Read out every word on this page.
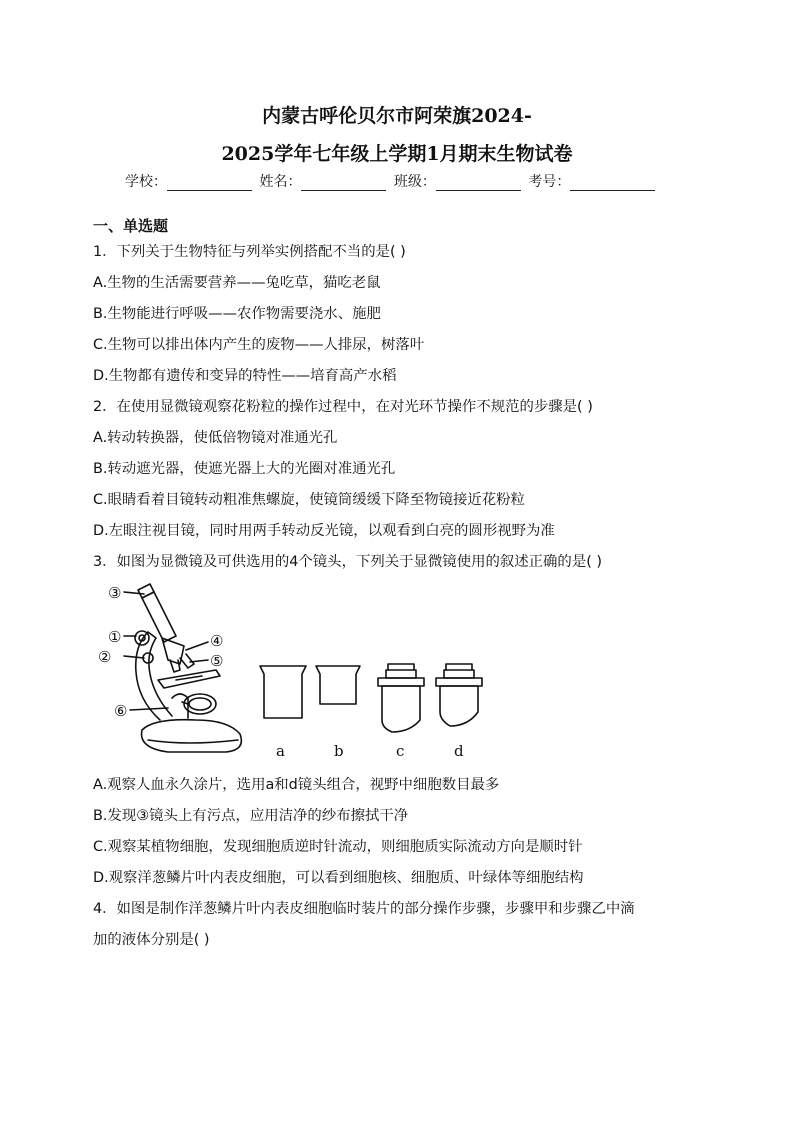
内蒙古呼伦贝尔市阿荣旗2024-
2025学年七年级上学期1月期末生物试卷
学校：	姓名：	班级：	考号：
一、单选题
1．下列关于生物特征与列举实例搭配不当的是( )
A.生物的生活需要营养——兔吃草，猫吃老鼠
B.生物能进行呼吸——农作物需要浇水、施肥
C.生物可以排出体内产生的废物——人排尿，树落叶
D.生物都有遗传和变异的特性——培育高产水稻
2．在使用显微镜观察花粉粒的操作过程中，在对光环节操作不规范的步骤是( )
A.转动转换器，使低倍物镜对准通光孔
B.转动遮光器，使遮光器上大的光圈对准通光孔
C.眼睛看着目镜转动粗准焦螺旋，使镜筒缓缓下降至物镜接近花粉粒
D.左眼注视目镜，同时用两手转动反光镜，以观看到白亮的圆形视野为准
3．如图为显微镜及可供选用的4个镜头，下列关于显微镜使用的叙述正确的是( )
③
①
②
④
⑤
⑥
a	b	c	d
A.观察人血永久涂片，选用a和d镜头组合，视野中细胞数目最多
B.发现③镜头上有污点，应用洁净的纱布擦拭干净
C.观察某植物细胞，发现细胞质逆时针流动，则细胞质实际流动方向是顺时针
D.观察洋葱鳞片叶内表皮细胞，可以看到细胞核、细胞质、叶绿体等细胞结构
4．如图是制作洋葱鳞片叶内表皮细胞临时装片的部分操作步骤，步骤甲和步骤乙中滴
加的液体分别是( )
